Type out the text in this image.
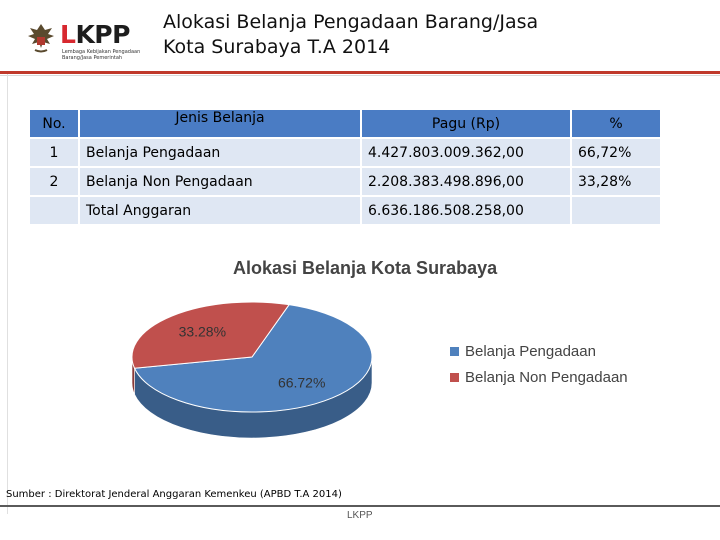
LKPP
Lembaga Kebijakan Pengadaan Barang/Jasa Pemerintah
Alokasi Belanja Pengadaan Barang/Jasa
Kota Surabaya T.A 2014
No.	Jenis Belanja	Pagu (Rp)	%
1	Belanja Pengadaan	4.427.803.009.362,00	66,72%
2	Belanja Non Pengadaan	2.208.383.498.896,00	33,28%
	Total Anggaran	6.636.186.508.258,00	
Alokasi Belanja Kota Surabaya
66.72%
33.28%
Belanja Pengadaan
Belanja Non Pengadaan
Sumber : Direktorat Jenderal Anggaran Kemenkeu (APBD T.A 2014)
LKPP
